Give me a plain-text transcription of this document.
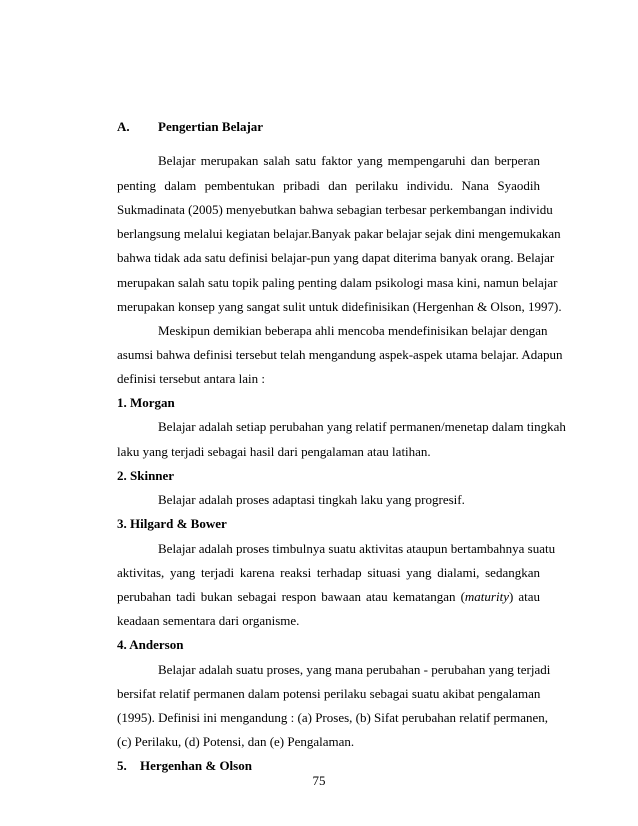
A. Pengertian Belajar
Belajar merupakan salah satu faktor yang mempengaruhi dan berperan
penting dalam pembentukan pribadi dan perilaku individu. Nana Syaodih
Sukmadinata (2005) menyebutkan bahwa sebagian terbesar perkembangan individu
berlangsung melalui kegiatan belajar.Banyak pakar belajar sejak dini mengemukakan
bahwa tidak ada satu definisi belajar-pun yang dapat diterima banyak orang. Belajar
merupakan salah satu topik paling penting dalam psikologi masa kini, namun belajar
merupakan konsep yang sangat sulit untuk didefinisikan (Hergenhan & Olson, 1997).
Meskipun demikian beberapa ahli mencoba mendefinisikan belajar dengan
asumsi bahwa definisi tersebut telah mengandung aspek-aspek utama belajar. Adapun
definisi tersebut antara lain :
1. Morgan
Belajar adalah setiap perubahan yang relatif permanen/menetap dalam tingkah
laku yang terjadi sebagai hasil dari pengalaman atau latihan.
2. Skinner
Belajar adalah proses adaptasi tingkah laku yang progresif.
3. Hilgard & Bower
Belajar adalah proses timbulnya suatu aktivitas ataupun bertambahnya suatu
aktivitas, yang terjadi karena reaksi terhadap situasi yang dialami, sedangkan
perubahan tadi bukan sebagai respon bawaan atau kematangan (maturity) atau
keadaan sementara dari organisme.
4. Anderson
Belajar adalah suatu proses, yang mana perubahan - perubahan yang terjadi
bersifat relatif permanen dalam potensi perilaku sebagai suatu akibat pengalaman
(1995). Definisi ini mengandung : (a) Proses, (b) Sifat perubahan relatif permanen,
(c) Perilaku, (d) Potensi, dan (e) Pengalaman.
5. Hergenhan & Olson
75
